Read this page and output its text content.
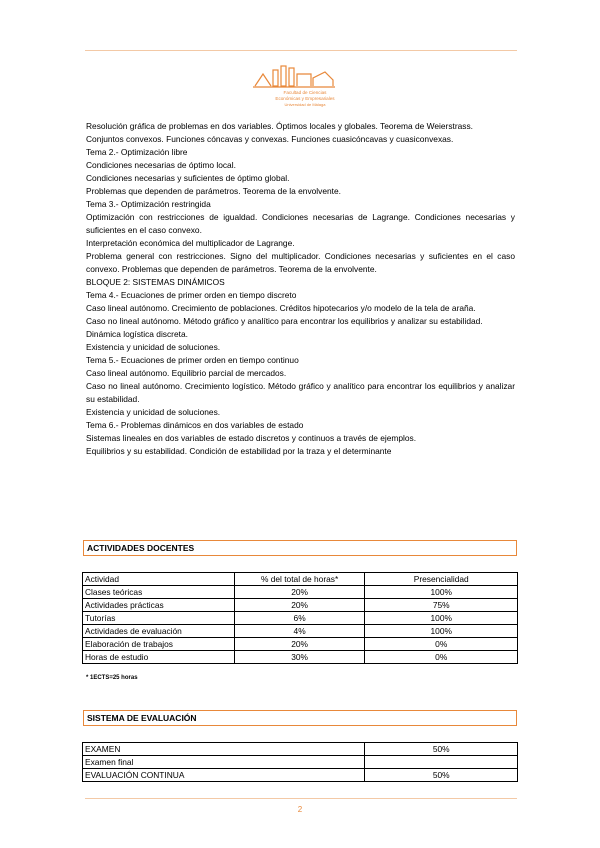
Facultad de Ciencias
Económicas y Empresariales
Universidad de Málaga

Resolución gráfica de problemas en dos variables. Óptimos locales y globales. Teorema de Weierstrass.

Conjuntos convexos. Funciones cóncavas y convexas. Funciones cuasicóncavas y cuasiconvexas.

Tema 2.- Optimización libre

Condiciones necesarias de óptimo local.

Condiciones necesarias y suficientes de óptimo global.

Problemas que dependen de parámetros. Teorema de la envolvente.

Tema 3.- Optimización restringida

Optimización con restricciones de igualdad. Condiciones necesarias de Lagrange. Condiciones necesarias y suficientes en el caso convexo.

Interpretación económica del multiplicador de Lagrange.

Problema general con restricciones. Signo del multiplicador. Condiciones necesarias y suficientes en el caso convexo. Problemas que dependen de parámetros. Teorema de la envolvente.

BLOQUE 2: SISTEMAS DINÁMICOS

Tema 4.- Ecuaciones de primer orden en tiempo discreto

Caso lineal autónomo. Crecimiento de poblaciones. Créditos hipotecarios y/o modelo de la tela de araña.

Caso no lineal autónomo. Método gráfico y analítico para encontrar los equilibrios y analizar su estabilidad. Dinámica logística discreta.

Existencia y unicidad de soluciones.

Tema 5.- Ecuaciones de primer orden en tiempo continuo

Caso lineal autónomo. Equilibrio parcial de mercados.

Caso no lineal autónomo. Crecimiento logístico. Método gráfico y analítico para encontrar los equilibrios y analizar su estabilidad.

Existencia y unicidad de soluciones.

Tema 6.- Problemas dinámicos en dos variables de estado

Sistemas lineales en dos variables de estado discretos y continuos a través de ejemplos.

Equilibrios y su estabilidad. Condición de estabilidad por la traza y el determinante

ACTIVIDADES DOCENTES
Actividad	% del total de horas*	Presencialidad
Clases teóricas	20%	100%
Actividades prácticas	20%	75%
Tutorías	6%	100%
Actividades de evaluación	4%	100%
Elaboración de trabajos	20%	0%
Horas de estudio	30%	0%
* 1ECTS=25 horas
SISTEMA DE EVALUACIÓN
EXAMEN	50%
Examen final	
EVALUACIÓN CONTINUA	50%
2
